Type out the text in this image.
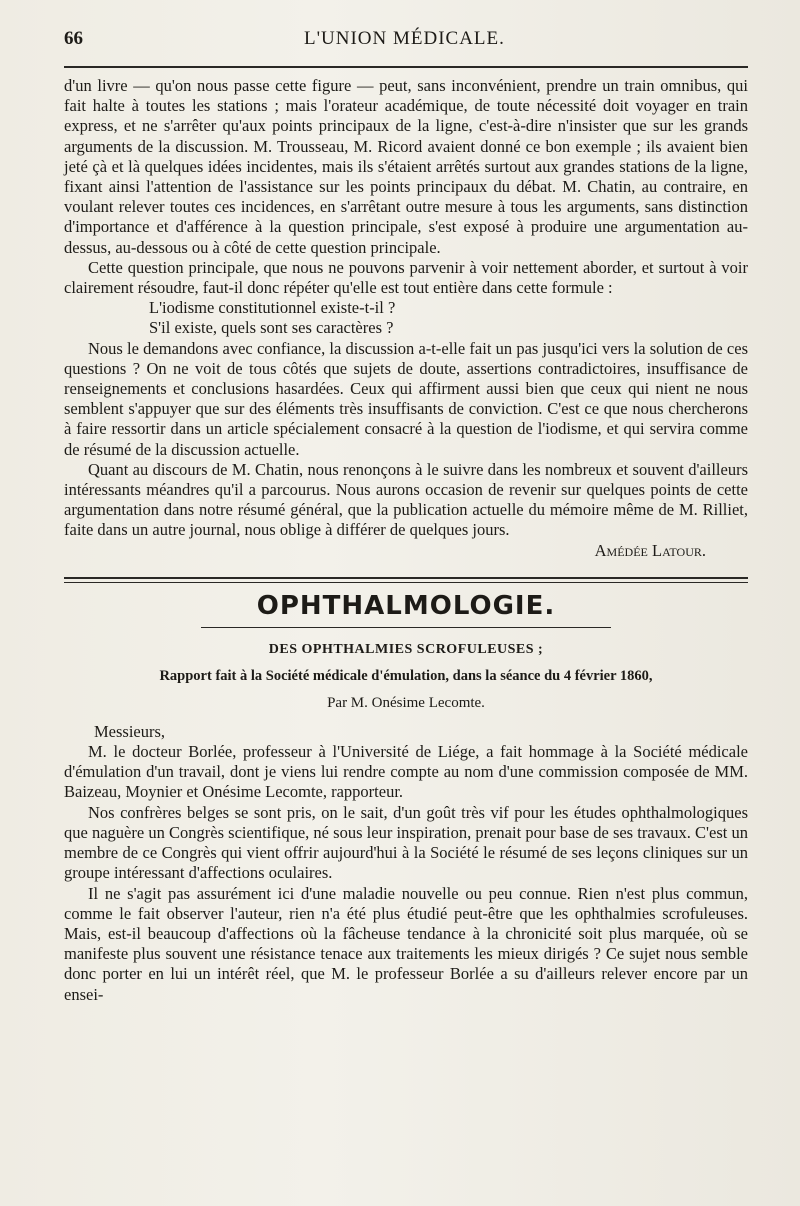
66	L'UNION MÉDICALE.

d'un livre — qu'on nous passe cette figure — peut, sans inconvénient, prendre un train omnibus, qui fait halte à toutes les stations ; mais l'orateur académique, de toute nécessité doit voyager en train express, et ne s'arrêter qu'aux points principaux de la ligne, c'est-à-dire n'insister que sur les grands arguments de la discussion. M. Trousseau, M. Ricord avaient donné ce bon exemple ; ils avaient bien jeté çà et là quelques idées incidentes, mais ils s'étaient arrêtés surtout aux grandes stations de la ligne, fixant ainsi l'attention de l'assistance sur les points principaux du débat. M. Chatin, au contraire, en voulant relever toutes ces incidences, en s'arrêtant outre mesure à tous les arguments, sans distinction d'importance et d'afférence à la question principale, s'est exposé à produire une argumentation au-dessus, au-dessous ou à côté de cette question principale.

Cette question principale, que nous ne pouvons parvenir à voir nettement aborder, et surtout à voir clairement résoudre, faut-il donc répéter qu'elle est tout entière dans cette formule :

L'iodisme constitutionnel existe-t-il ?

S'il existe, quels sont ses caractères ?

Nous le demandons avec confiance, la discussion a-t-elle fait un pas jusqu'ici vers la solution de ces questions ? On ne voit de tous côtés que sujets de doute, assertions contradictoires, insuffisance de renseignements et conclusions hasardées. Ceux qui affirment aussi bien que ceux qui nient ne nous semblent s'appuyer que sur des éléments très insuffisants de conviction. C'est ce que nous chercherons à faire ressortir dans un article spécialement consacré à la question de l'iodisme, et qui servira comme de résumé de la discussion actuelle.

Quant au discours de M. Chatin, nous renonçons à le suivre dans les nombreux et souvent d'ailleurs intéressants méandres qu'il a parcourus. Nous aurons occasion de revenir sur quelques points de cette argumentation dans notre résumé général, que la publication actuelle du mémoire même de M. Rilliet, faite dans un autre journal, nous oblige à différer de quelques jours.

Amédée Latour.

OPHTHALMOLOGIE.
DES OPHTHALMIES SCROFULEUSES ;
Rapport fait à la Société médicale d'émulation, dans la séance du 4 février 1860,
Par M. Onésime Lecomte.

Messieurs,

M. le docteur Borlée, professeur à l'Université de Liége, a fait hommage à la Société médicale d'émulation d'un travail, dont je viens lui rendre compte au nom d'une commission composée de MM. Baizeau, Moynier et Onésime Lecomte, rapporteur.

Nos confrères belges se sont pris, on le sait, d'un goût très vif pour les études ophthalmologiques que naguère un Congrès scientifique, né sous leur inspiration, prenait pour base de ses travaux. C'est un membre de ce Congrès qui vient offrir aujourd'hui à la Société le résumé de ses leçons cliniques sur un groupe intéressant d'affections oculaires.

Il ne s'agit pas assurément ici d'une maladie nouvelle ou peu connue. Rien n'est plus commun, comme le fait observer l'auteur, rien n'a été plus étudié peut-être que les ophthalmies scrofuleuses. Mais, est-il beaucoup d'affections où la fâcheuse tendance à la chronicité soit plus marquée, où se manifeste plus souvent une résistance tenace aux traitements les mieux dirigés ? Ce sujet nous semble donc porter en lui un intérêt réel, que M. le professeur Borlée a su d'ailleurs relever encore par un ensei-
